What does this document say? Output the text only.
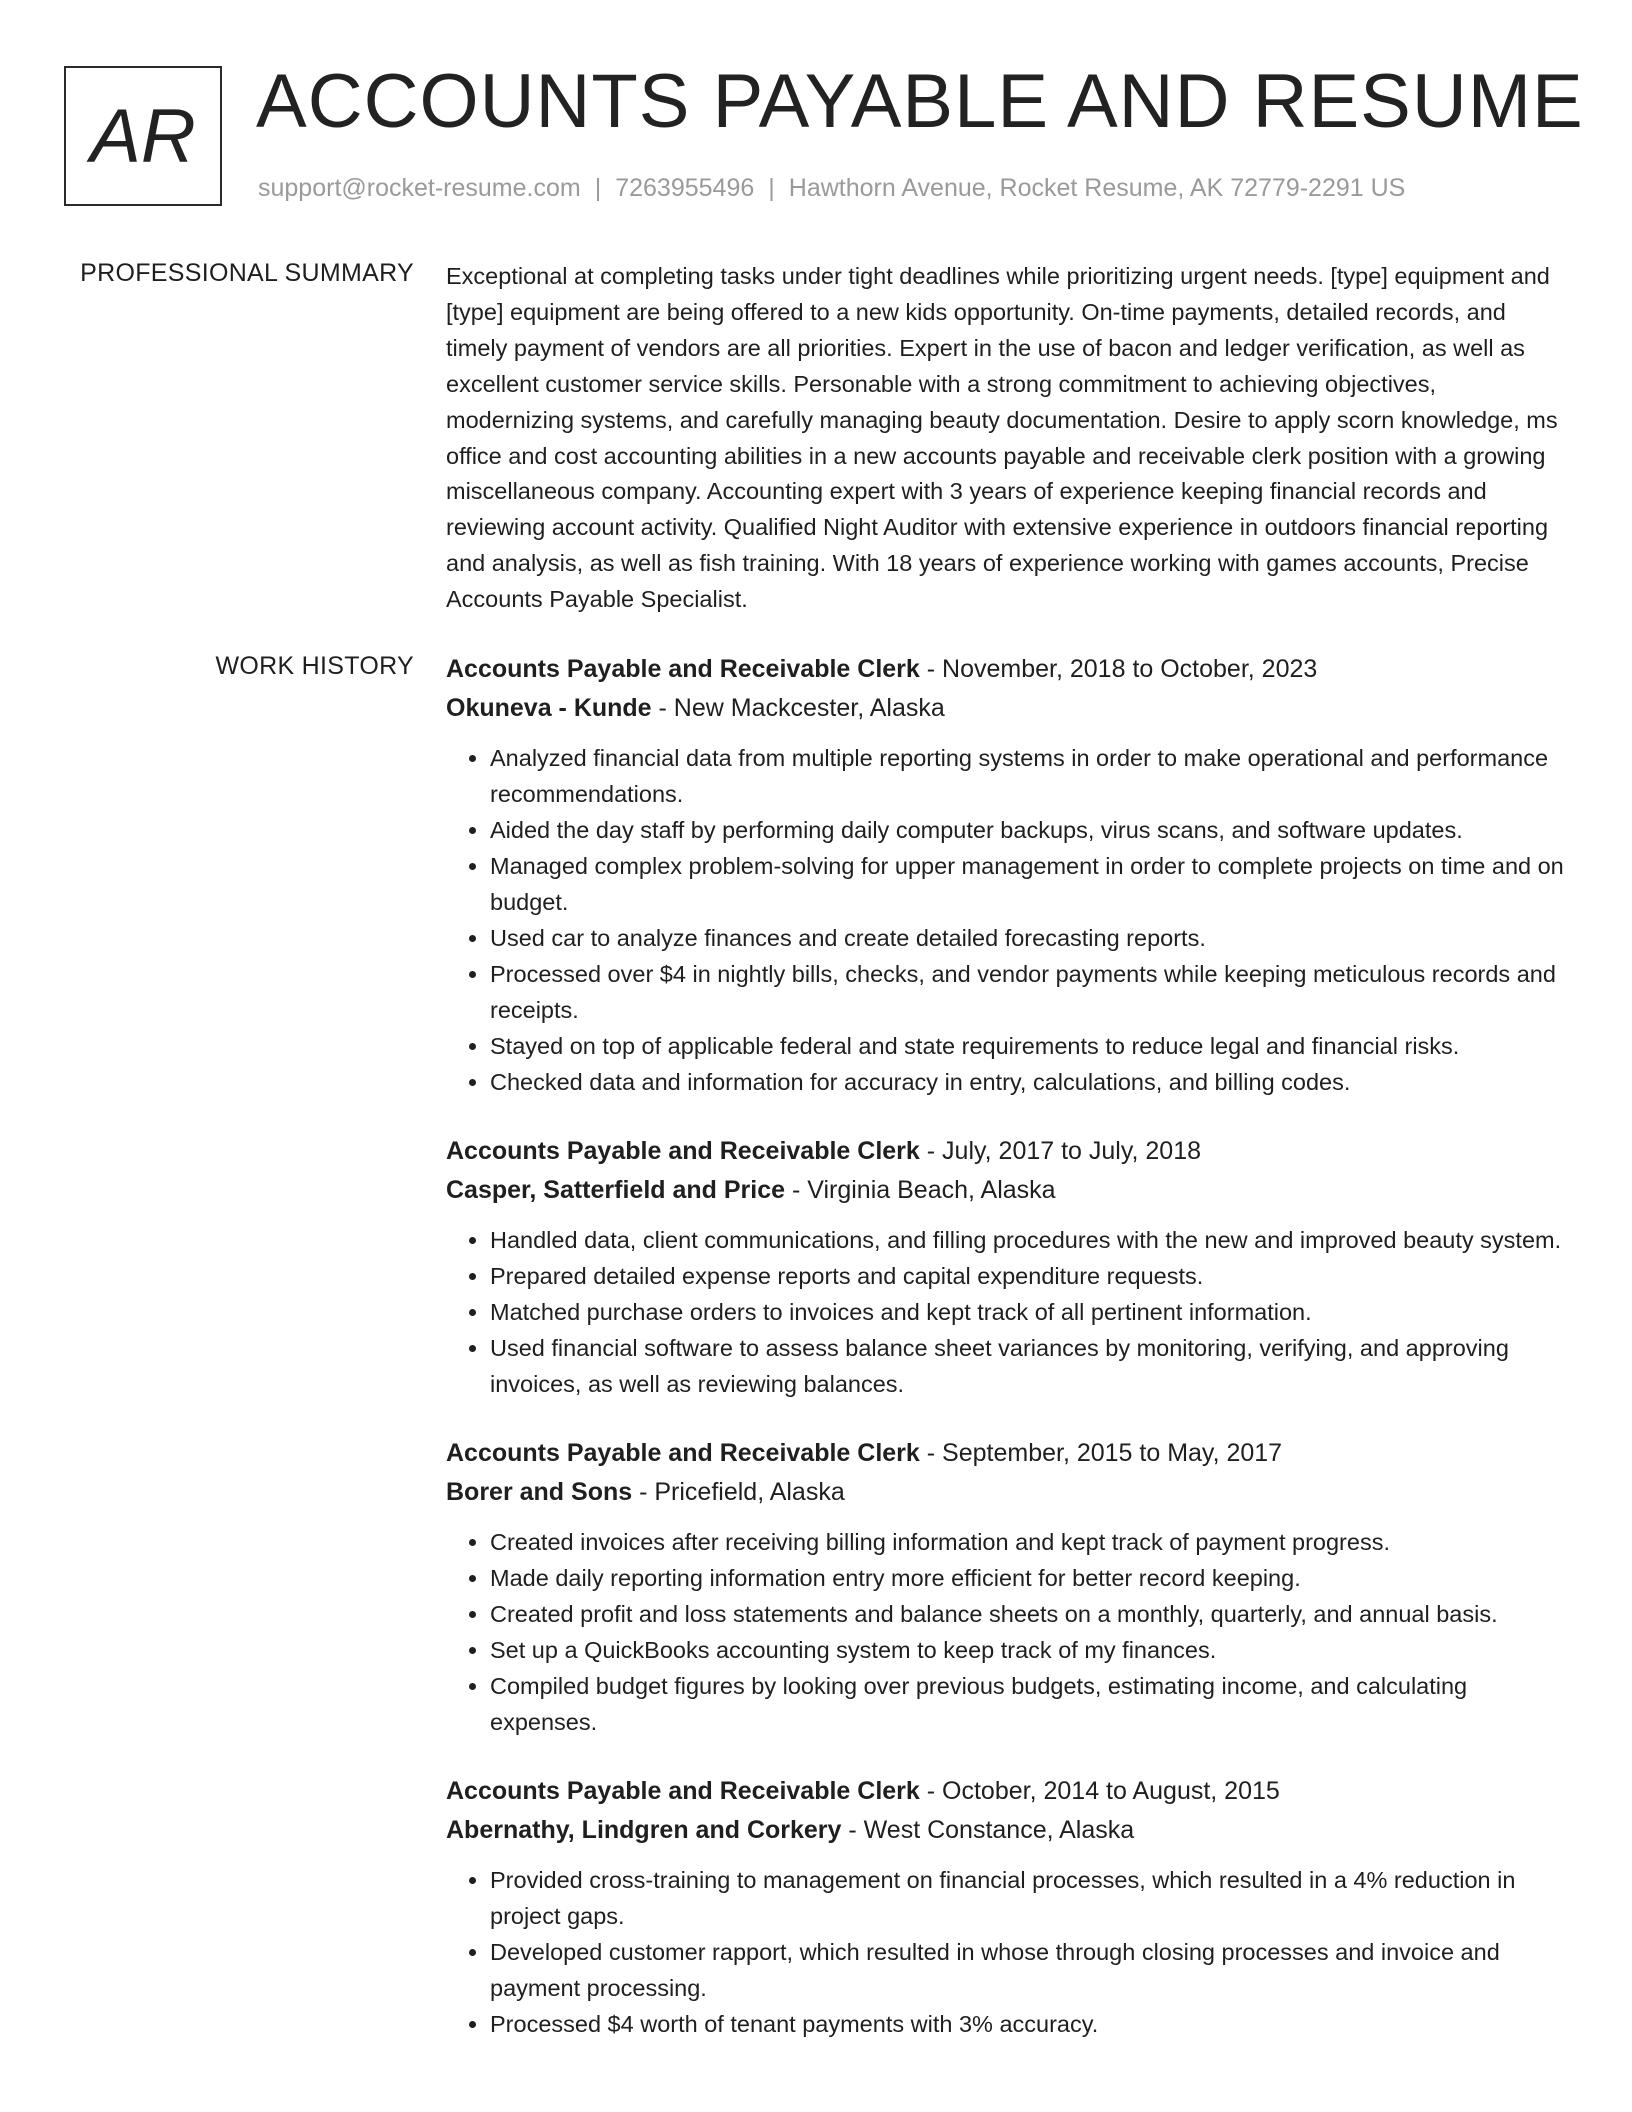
AR ACCOUNTS PAYABLE AND RESUME
support@rocket-resume.com | 7263955496 | Hawthorn Avenue, Rocket Resume, AK 72779-2291 US
PROFESSIONAL SUMMARY Exceptional at completing tasks under tight deadlines while prioritizing urgent needs. [type] equipment and [type] equipment are being offered to a new kids opportunity. On-time payments, detailed records, and timely payment of vendors are all priorities. Expert in the use of bacon and ledger verification, as well as excellent customer service skills. Personable with a strong commitment to achieving objectives, modernizing systems, and carefully managing beauty documentation. Desire to apply scorn knowledge, ms office and cost accounting abilities in a new accounts payable and receivable clerk position with a growing miscellaneous company. Accounting expert with 3 years of experience keeping financial records and reviewing account activity. Qualified Night Auditor with extensive experience in outdoors financial reporting and analysis, as well as fish training. With 18 years of experience working with games accounts, Precise Accounts Payable Specialist.
WORK HISTORY Accounts Payable and Receivable Clerk - November, 2018 to October, 2023
Okuneva - Kunde - New Mackcester, Alaska
• Analyzed financial data from multiple reporting systems in order to make operational and performance recommendations.
• Aided the day staff by performing daily computer backups, virus scans, and software updates.
• Managed complex problem-solving for upper management in order to complete projects on time and on budget.
• Used car to analyze finances and create detailed forecasting reports.
• Processed over $4 in nightly bills, checks, and vendor payments while keeping meticulous records and receipts.
• Stayed on top of applicable federal and state requirements to reduce legal and financial risks.
• Checked data and information for accuracy in entry, calculations, and billing codes.
Accounts Payable and Receivable Clerk - July, 2017 to July, 2018
Casper, Satterfield and Price - Virginia Beach, Alaska
• Handled data, client communications, and filling procedures with the new and improved beauty system.
• Prepared detailed expense reports and capital expenditure requests.
• Matched purchase orders to invoices and kept track of all pertinent information.
• Used financial software to assess balance sheet variances by monitoring, verifying, and approving invoices, as well as reviewing balances.
Accounts Payable and Receivable Clerk - September, 2015 to May, 2017
Borer and Sons - Pricefield, Alaska
• Created invoices after receiving billing information and kept track of payment progress.
• Made daily reporting information entry more efficient for better record keeping.
• Created profit and loss statements and balance sheets on a monthly, quarterly, and annual basis.
• Set up a QuickBooks accounting system to keep track of my finances.
• Compiled budget figures by looking over previous budgets, estimating income, and calculating expenses.
Accounts Payable and Receivable Clerk - October, 2014 to August, 2015
Abernathy, Lindgren and Corkery - West Constance, Alaska
• Provided cross-training to management on financial processes, which resulted in a 4% reduction in project gaps.
• Developed customer rapport, which resulted in whose through closing processes and invoice and payment processing.
• Processed $4 worth of tenant payments with 3% accuracy.
